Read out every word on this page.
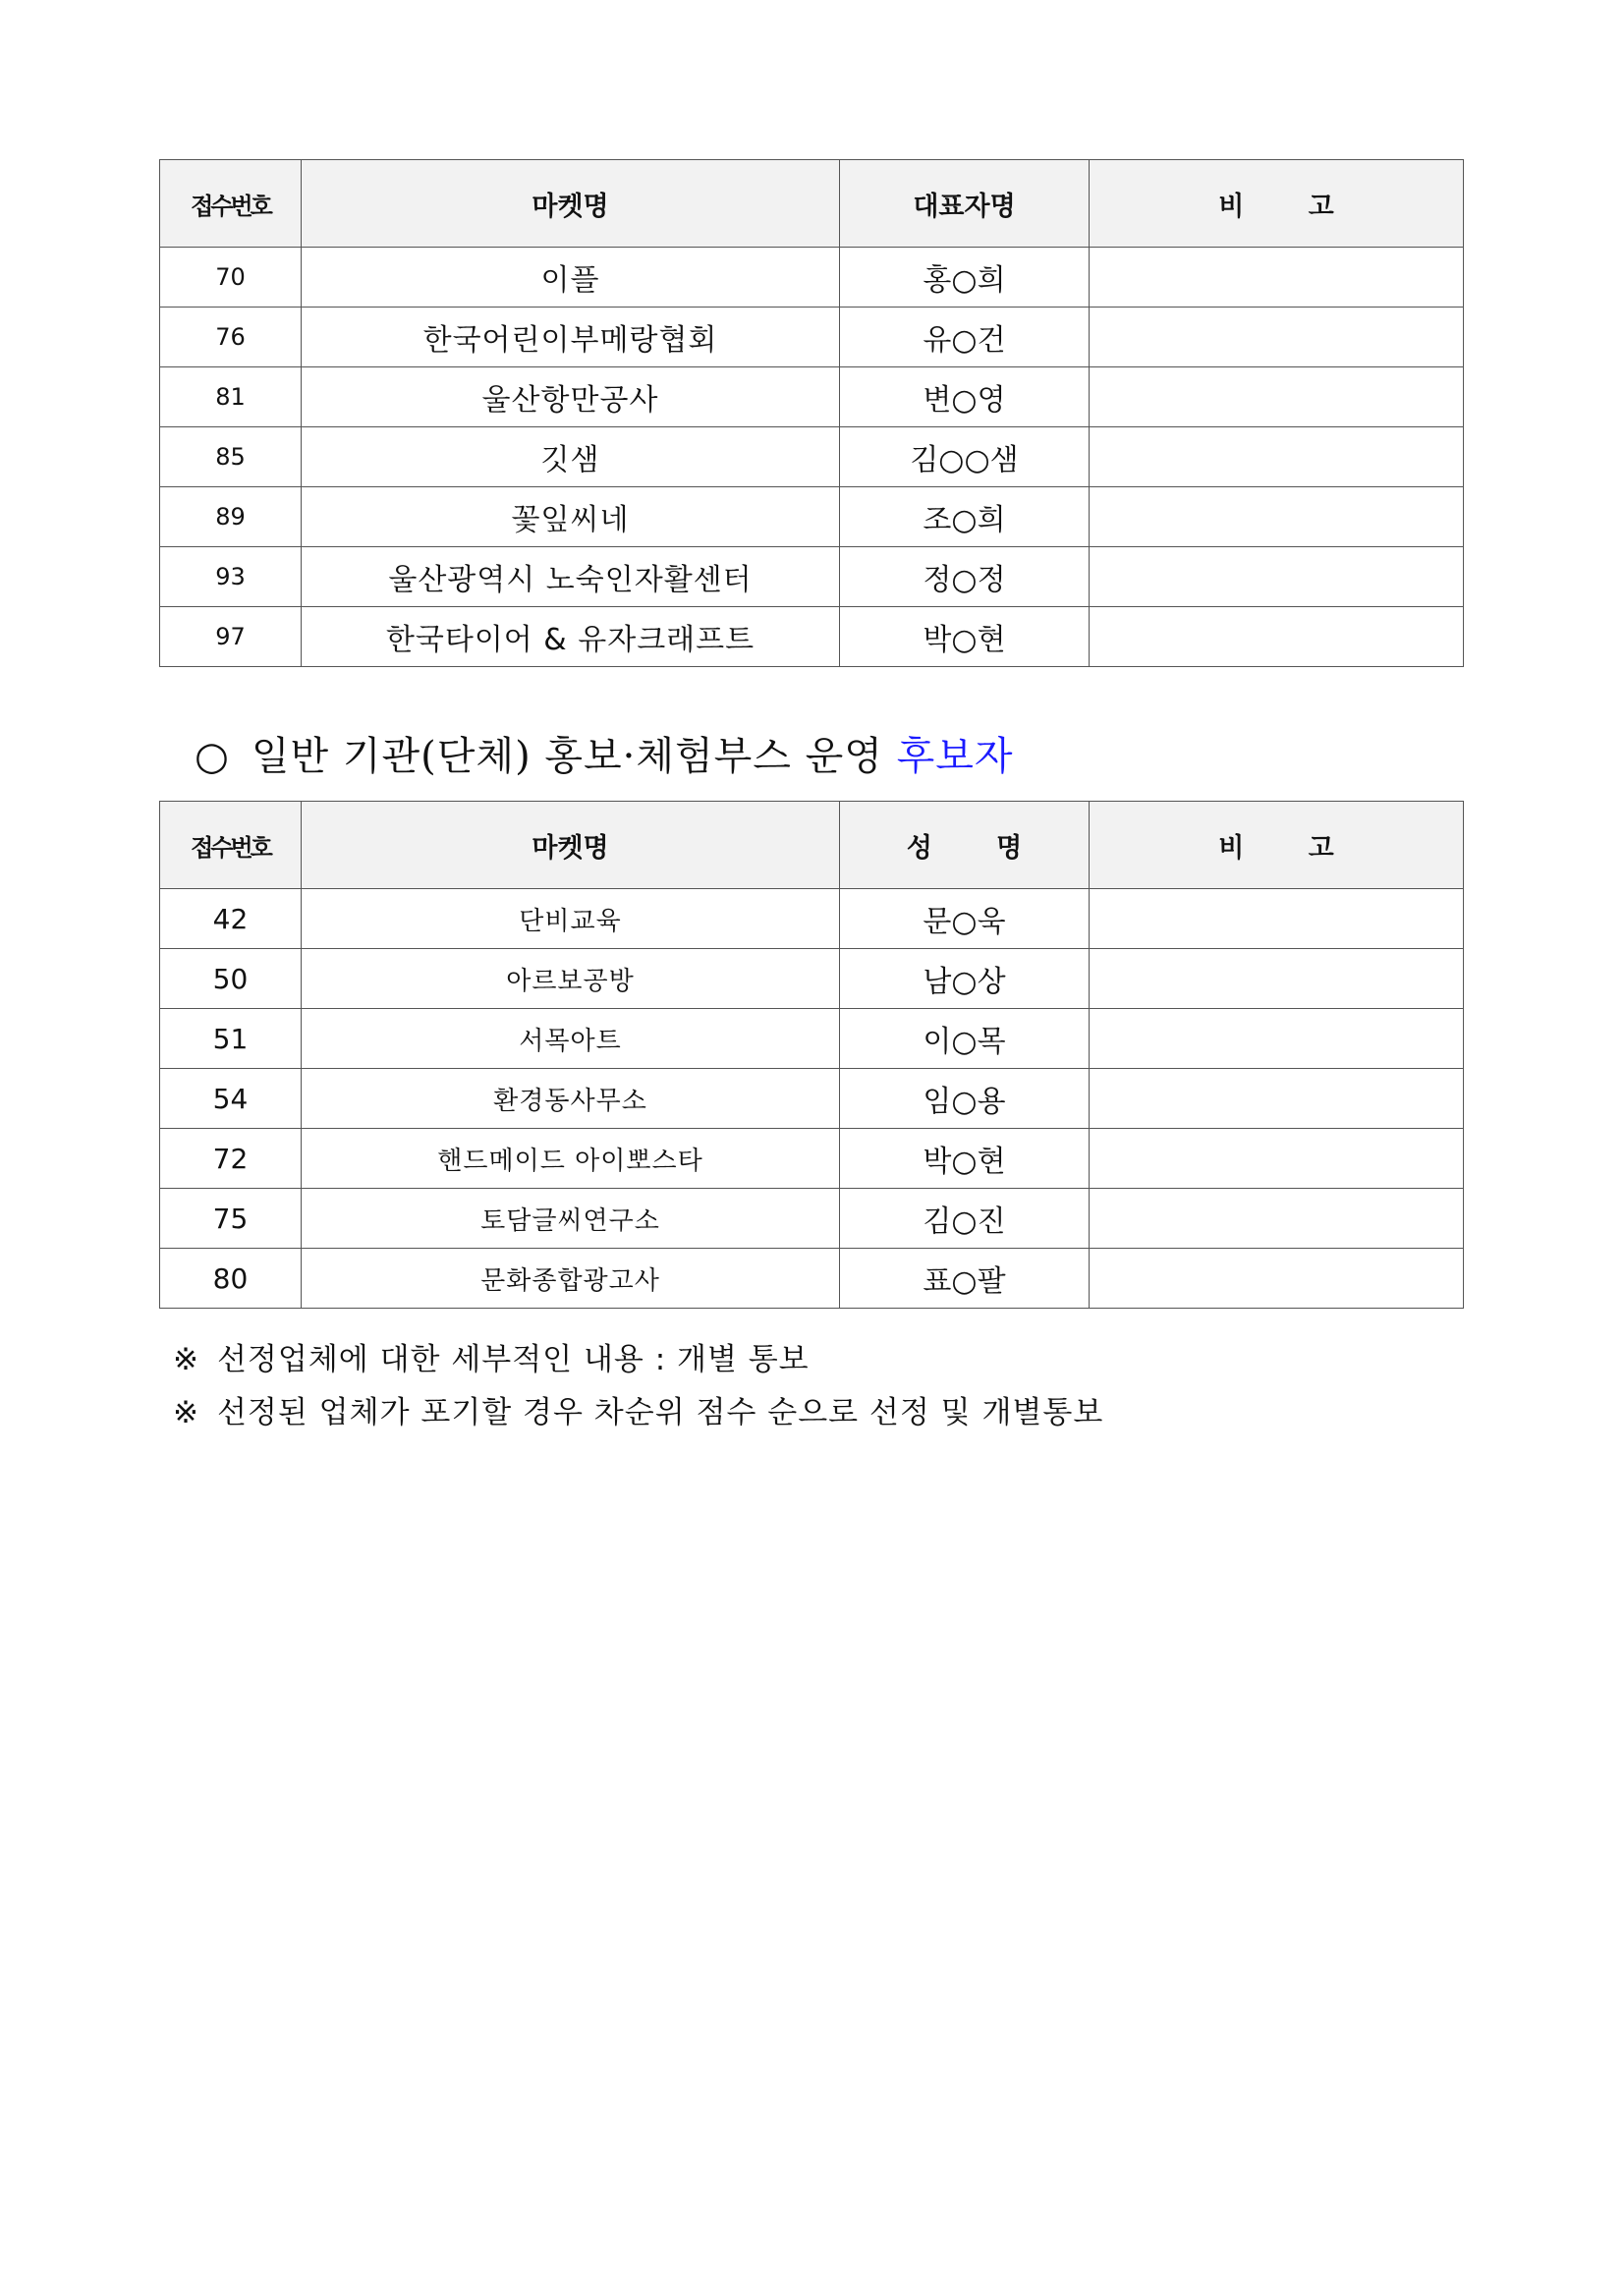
접수번호	마켓명	대표자명	비 고
70	이플	홍○희	
76	한국어린이부메랑협회	유○건	
81	울산항만공사	변○영	
85	깃샘	김○○샘	
89	꽃잎씨네	조○희	
93	울산광역시 노숙인자활센터	정○정	
97	한국타이어 & 유자크래프트	박○현	
○ 일반 기관(단체) 홍보·체험부스 운영 후보자
접수번호	마켓명	성 명	비 고
42	단비교육	문○욱	
50	아르보공방	남○상	
51	서목아트	이○목	
54	환경동사무소	임○용	
72	핸드메이드 아이뽀스타	박○현	
75	토담글씨연구소	김○진	
80	문화종합광고사	표○팔	

※ 선정업체에 대한 세부적인 내용 : 개별 통보

※ 선정된 업체가 포기할 경우 차순위 점수 순으로 선정 및 개별통보
